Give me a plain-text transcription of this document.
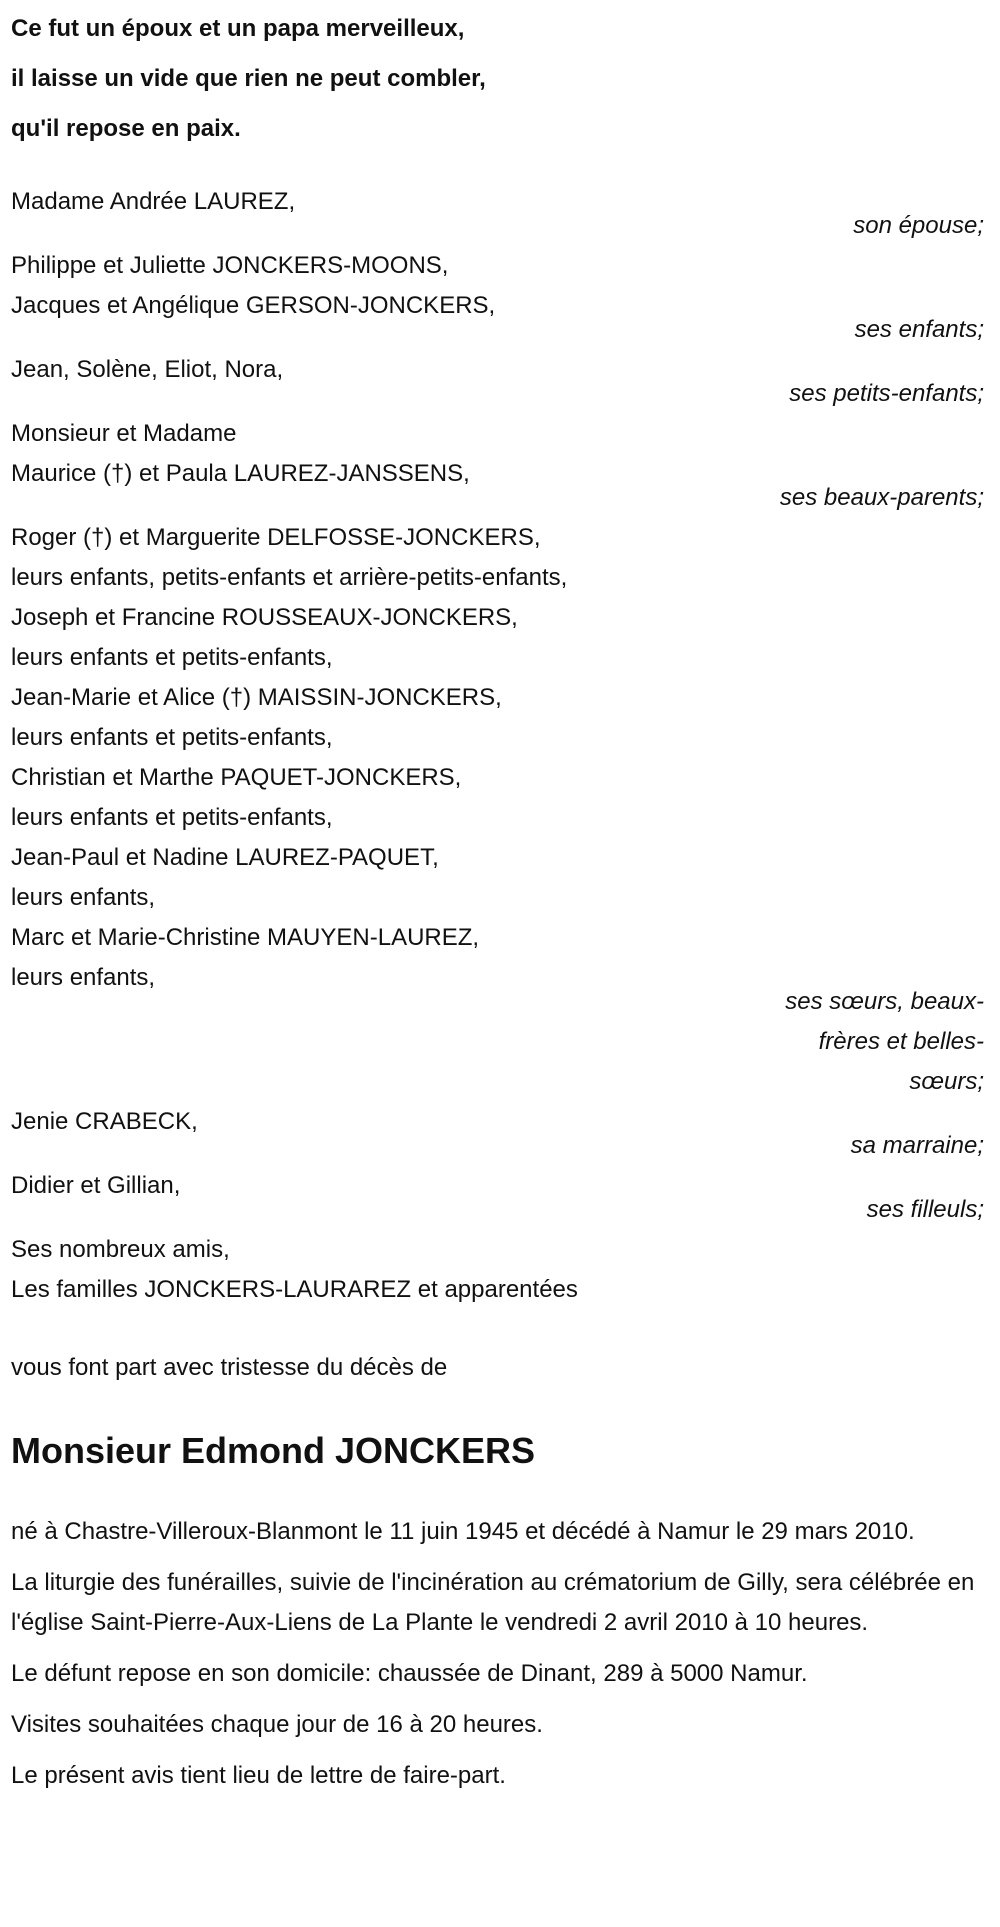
Ce fut un époux et un papa merveilleux,
il laisse un vide que rien ne peut combler,
qu'il repose en paix.
Madame Andrée LAUREZ,
son épouse;
Philippe et Juliette JONCKERS-MOONS,
Jacques et Angélique GERSON-JONCKERS,
ses enfants;
Jean, Solène, Eliot, Nora,
ses petits-enfants;
Monsieur et Madame
Maurice (†) et Paula LAUREZ-JANSSENS,
ses beaux-parents;
Roger (†) et Marguerite DELFOSSE-JONCKERS,
leurs enfants, petits-enfants et arrière-petits-enfants,
Joseph et Francine ROUSSEAUX-JONCKERS,
leurs enfants et petits-enfants,
Jean-Marie et Alice (†) MAISSIN-JONCKERS,
leurs enfants et petits-enfants,
Christian et Marthe PAQUET-JONCKERS,
leurs enfants et petits-enfants,
Jean-Paul et Nadine LAUREZ-PAQUET,
leurs enfants,
Marc et Marie-Christine MAUYEN-LAUREZ,
leurs enfants,
ses sœurs, beaux-frères et belles-sœurs;
Jenie CRABECK,
sa marraine;
Didier et Gillian,
ses filleuls;
Ses nombreux amis,
Les familles JONCKERS-LAURAREZ et apparentées
vous font part avec tristesse du décès de
Monsieur Edmond JONCKERS
né à Chastre-Villeroux-Blanmont le 11 juin 1945 et décédé à Namur le 29 mars 2010.
La liturgie des funérailles, suivie de l'incinération au crématorium de Gilly, sera célébrée en l'église Saint-Pierre-Aux-Liens de La Plante le vendredi 2 avril 2010 à 10 heures.
Le défunt repose en son domicile: chaussée de Dinant, 289 à 5000 Namur.
Visites souhaitées chaque jour de 16 à 20 heures.
Le présent avis tient lieu de lettre de faire-part.
